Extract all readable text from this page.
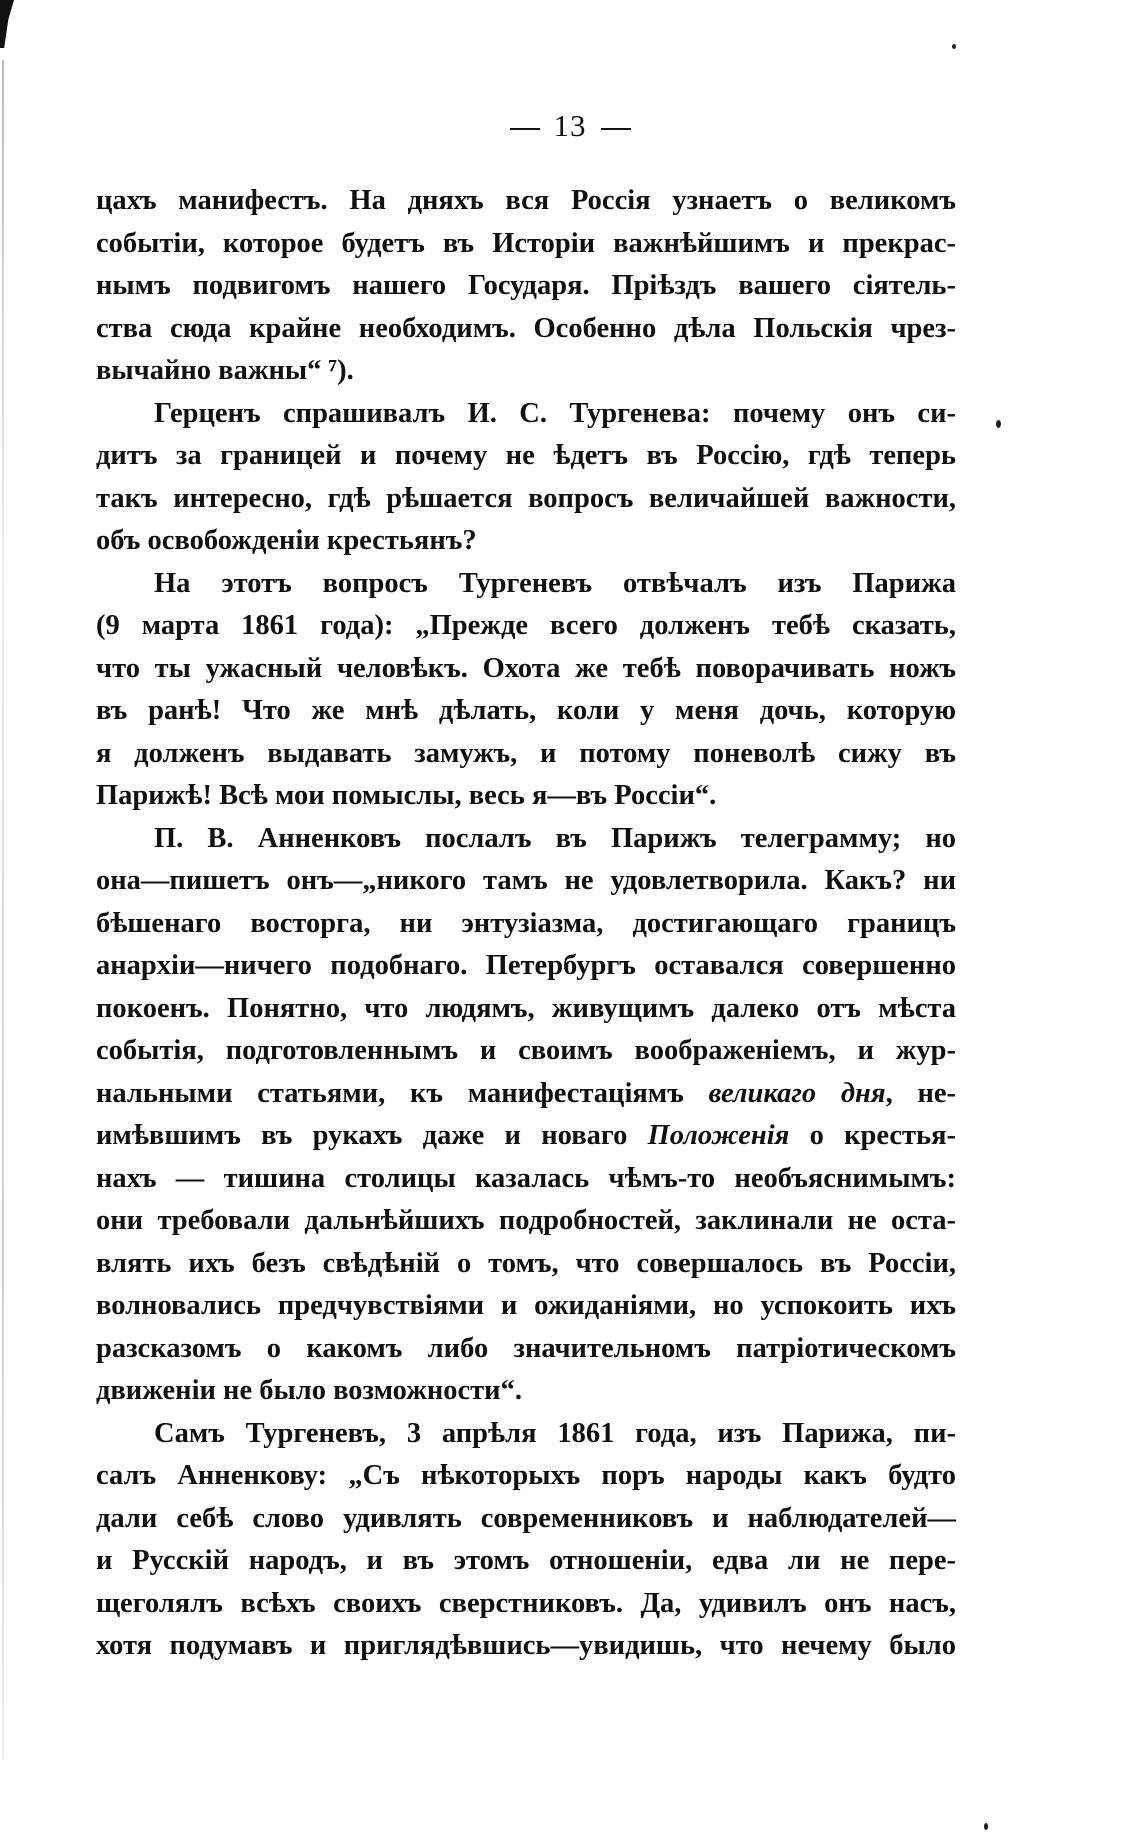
13
цахъ манифестъ. На дняхъ вся Россія узнаетъ о великомъ
событіи, которое будетъ въ Исторіи важнѣйшимъ и прекрас-
нымъ подвигомъ нашего Государя. Пріѣздъ вашего сіятель-
ства сюда крайне необходимъ. Особенно дѣла Польскія чрез-
вычайно важны“ ⁷).
Герценъ спрашивалъ И. С. Тургенева: почему онъ си-
дитъ за границей и почему не ѣдетъ въ Россію, гдѣ теперь
такъ интересно, гдѣ рѣшается вопросъ величайшей важности,
объ освобожденіи крестьянъ?
На этотъ вопросъ Тургеневъ отвѣчалъ изъ Парижа
(9 марта 1861 года): „Прежде всего долженъ тебѣ сказать,
что ты ужасный человѣкъ. Охота же тебѣ поворачивать ножъ
въ ранѣ! Что же мнѣ дѣлать, коли у меня дочь, которую
я долженъ выдавать замужъ, и потому поневолѣ сижу въ
Парижѣ! Всѣ мои помыслы, весь я—въ Россіи“.
П. В. Анненковъ послалъ въ Парижъ телеграмму; но
она—пишетъ онъ—„никого тамъ не удовлетворила. Какъ? ни
бѣшенаго восторга, ни энтузіазма, достигающаго границъ
анархіи—ничего подобнаго. Петербургъ оставался совершенно
покоенъ. Понятно, что людямъ, живущимъ далеко отъ мѣста
событія, подготовленнымъ и своимъ воображеніемъ, и жур-
нальными статьями, къ манифестаціямъ великаго дня, не-
имѣвшимъ въ рукахъ даже и новаго Положенія о крестья-
нахъ — тишина столицы казалась чѣмъ-то необъяснимымъ:
они требовали дальнѣйшихъ подробностей, заклинали не оста-
влять ихъ безъ свѣдѣній о томъ, что совершалось въ Россіи,
волновались предчувствіями и ожиданіями, но успокоить ихъ
разсказомъ о какомъ либо значительномъ патріотическомъ
движеніи не было возможности“.
Самъ Тургеневъ, 3 апрѣля 1861 года, изъ Парижа, пи-
салъ Анненкову: „Съ нѣкоторыхъ поръ народы какъ будто
дали себѣ слово удивлять современниковъ и наблюдателей—
и Русскій народъ, и въ этомъ отношеніи, едва ли не пере-
щеголялъ всѣхъ своихъ сверстниковъ. Да, удивилъ онъ насъ,
хотя подумавъ и приглядѣвшись—увидишь, что нечему было
